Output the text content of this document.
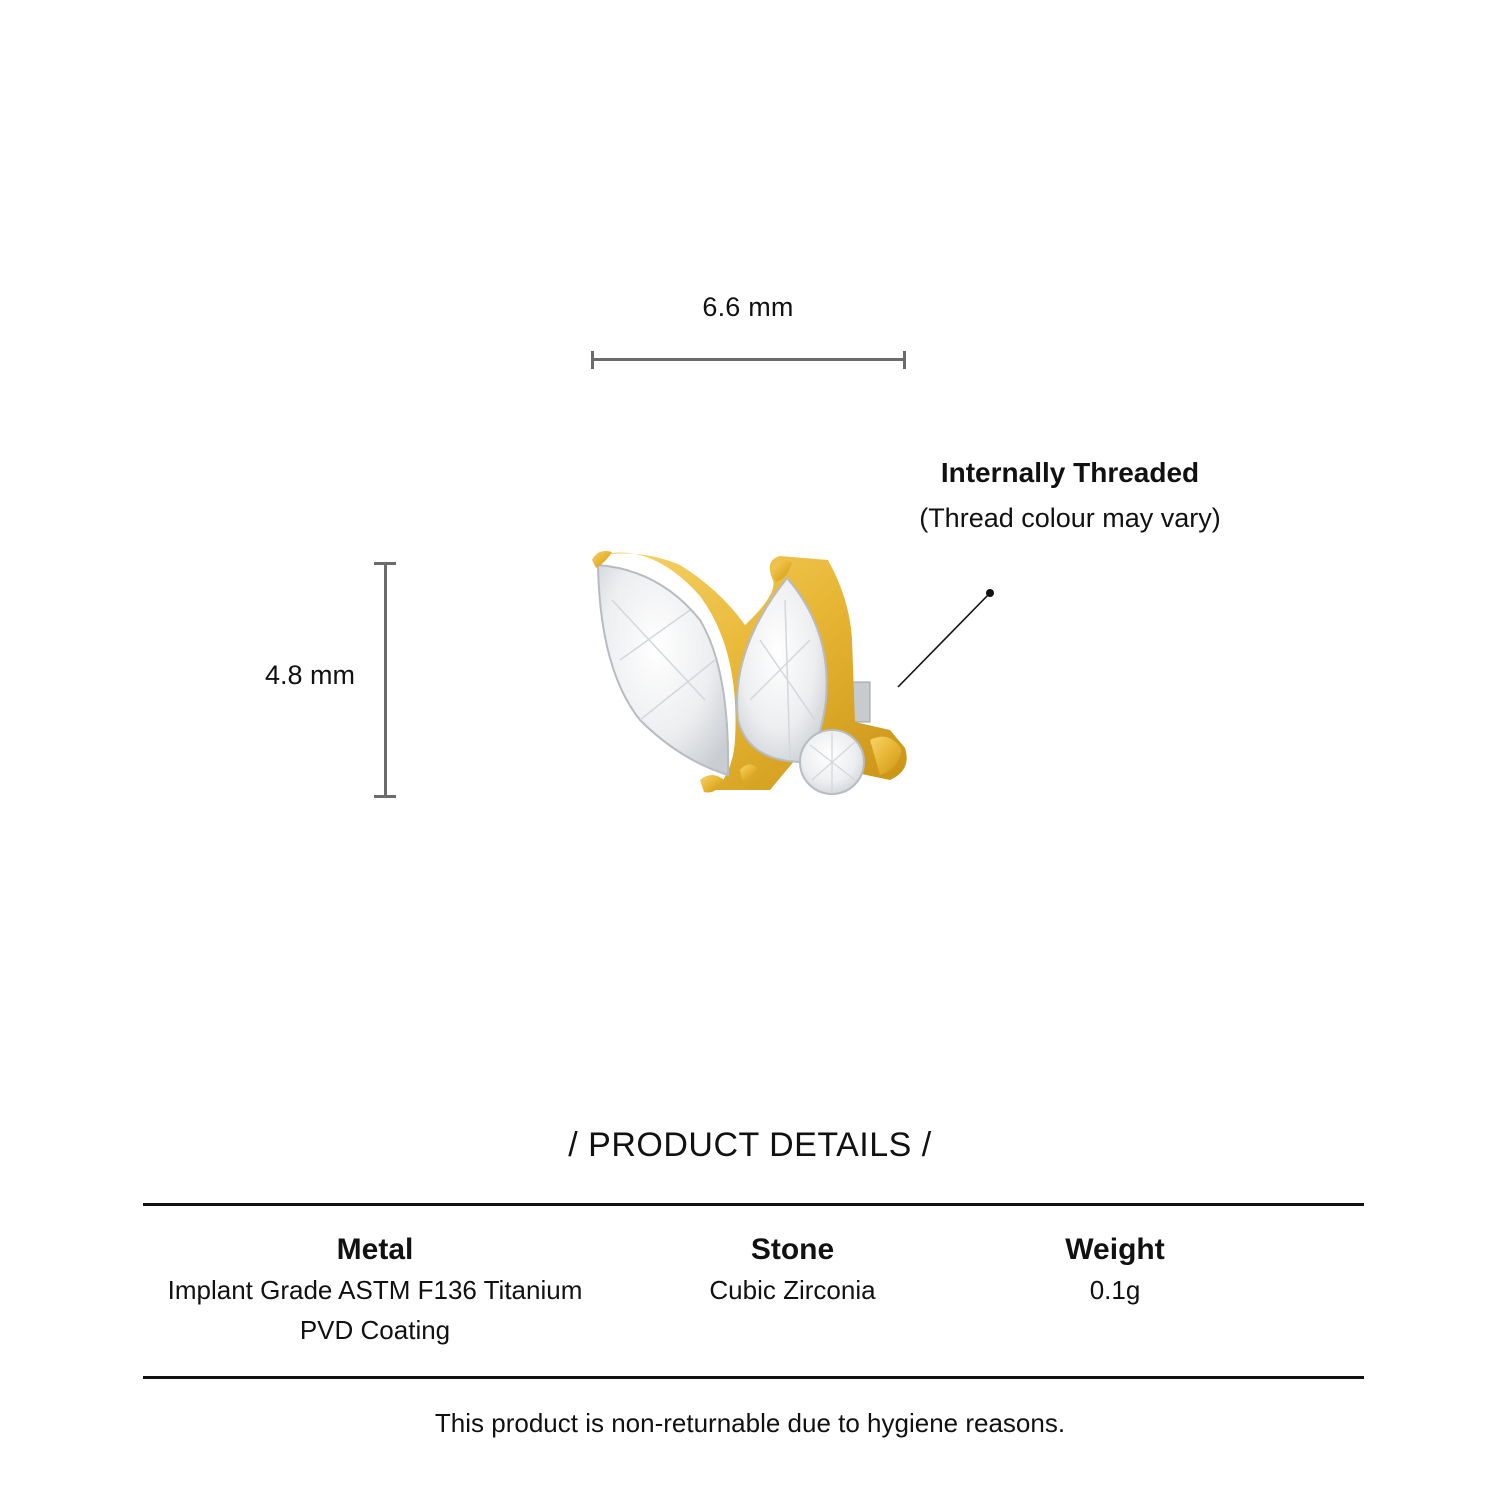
6.6 mm
4.8 mm
Internally Threaded
(Thread colour may vary)
/ PRODUCT DETAILS /
Metal
Implant Grade ASTM F136 Titanium
PVD Coating
Stone
Cubic Zirconia
Weight
0.1g
This product is non-returnable due to hygiene reasons.
